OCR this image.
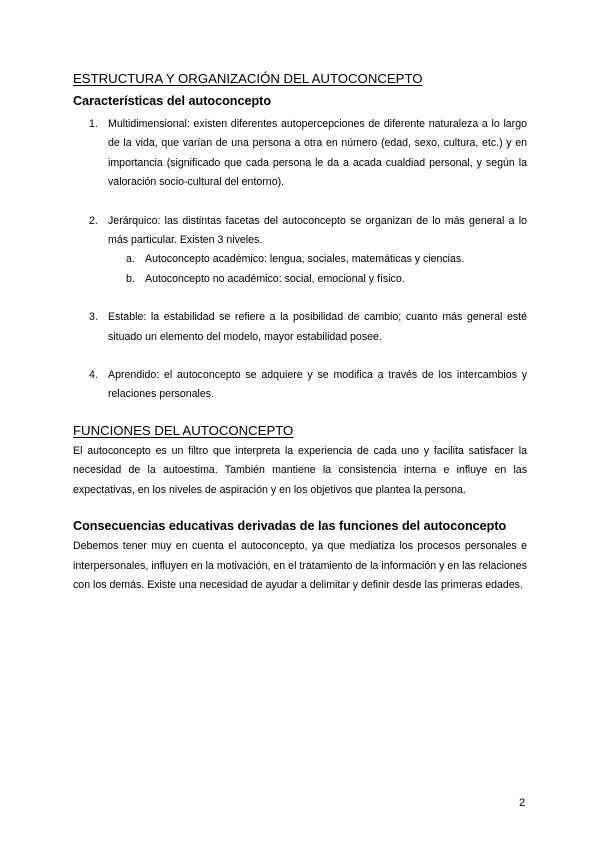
ESTRUCTURA Y ORGANIZACIÓN DEL AUTOCONCEPTO
Características del autoconcepto
1. Multidimensional: existen diferentes autopercepciones de diferente naturaleza a lo largo de la vida, que varían de una persona a otra en número (edad, sexo, cultura, etc.) y en importancia (significado que cada persona le da a acada cualdiad personal, y según la valoración socio-cultural del entorno).
2. Jerárquico: las distintas facetas del autoconcepto se organizan de lo más general a lo más particular. Existen 3 niveles.
a. Autoconcepto académico: lengua, sociales, matemáticas y ciencias.
b. Autoconcepto no académico: social, emocional y físico.
3. Estable: la estabilidad se refiere a la posibilidad de cambio; cuanto más general esté situado un elemento del modelo, mayor estabilidad posee.
4. Aprendido: el autoconcepto se adquiere y se modifica a través de los intercambios y relaciones personales.
FUNCIONES DEL AUTOCONCEPTO

El autoconcepto es un filtro que interpreta la experiencia de cada uno y facilita satisfacer la necesidad de la autoestima. También mantiene la consistencia interna e influye en las expectativas, en los niveles de aspiración y en los objetivos que plantea la persona.

Consecuencias educativas derivadas de las funciones del autoconcepto

Debemos tener muy en cuenta el autoconcepto, ya que mediatiza los procesos personales e interpersonales, influyen en la motivación, en el tratamiento de la información y en las relaciones con los demás. Existe una necesidad de ayudar a delimitar y definir desde las primeras edades.

2
